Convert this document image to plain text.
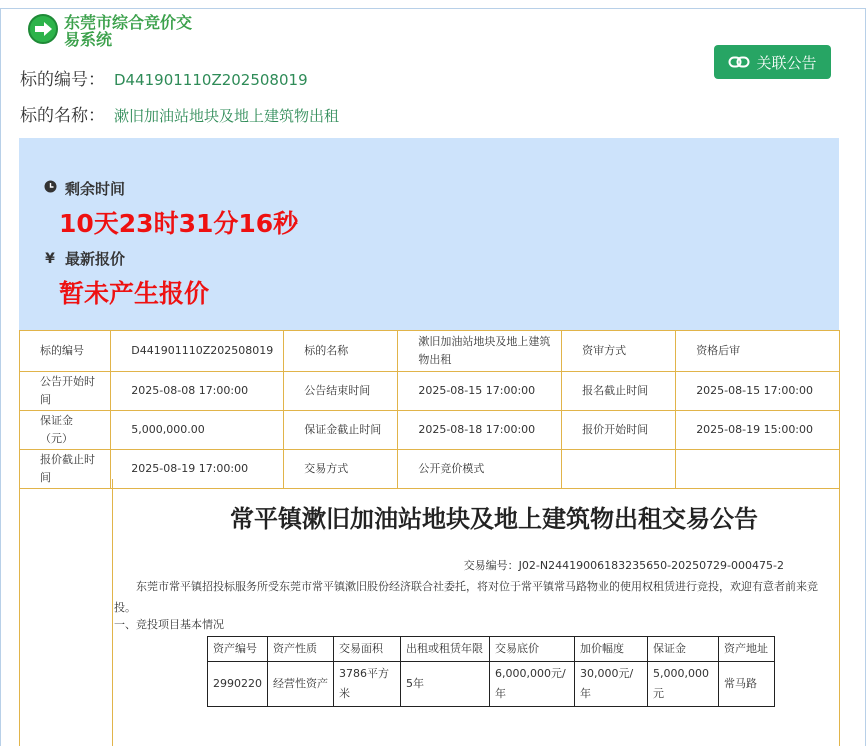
东莞市综合竞价交易系统
标的编号： D441901110Z202508019
标的名称： 漱旧加油站地块及地上建筑物出租
关联公告
剩余时间
10天23时31分16秒
¥ 最新报价
暂未产生报价
标的编号	D441901110Z202508019	标的名称	漱旧加油站地块及地上建筑物出租	资审方式	资格后审
公告开始时间	2025-08-08 17:00:00	公告结束时间	2025-08-15 17:00:00	报名截止时间	2025-08-15 17:00:00
保证金（元）	5,000,000.00	保证金截止时间	2025-08-18 17:00:00	报价开始时间	2025-08-19 15:00:00
报价截止时间	2025-08-19 17:00:00	交易方式	公开竞价模式		
常平镇漱旧加油站地块及地上建筑物出租交易公告
交易编号：J02-N24419006183235650-20250729-000475-2
东莞市常平镇招投标服务所受东莞市常平镇漱旧股份经济联合社委托，将对位于常平镇常马路物业的使用权租赁进行竞投，欢迎有意者前来竞投。
一、竞投项目基本情况
资产编号	资产性质	交易面积	出租或租赁年限	交易底价	加价幅度	保证金	资产地址
2990220	经营性资产	3786平方米	5年	6,000,000元/年	30,000元/年	5,000,000元	常马路
